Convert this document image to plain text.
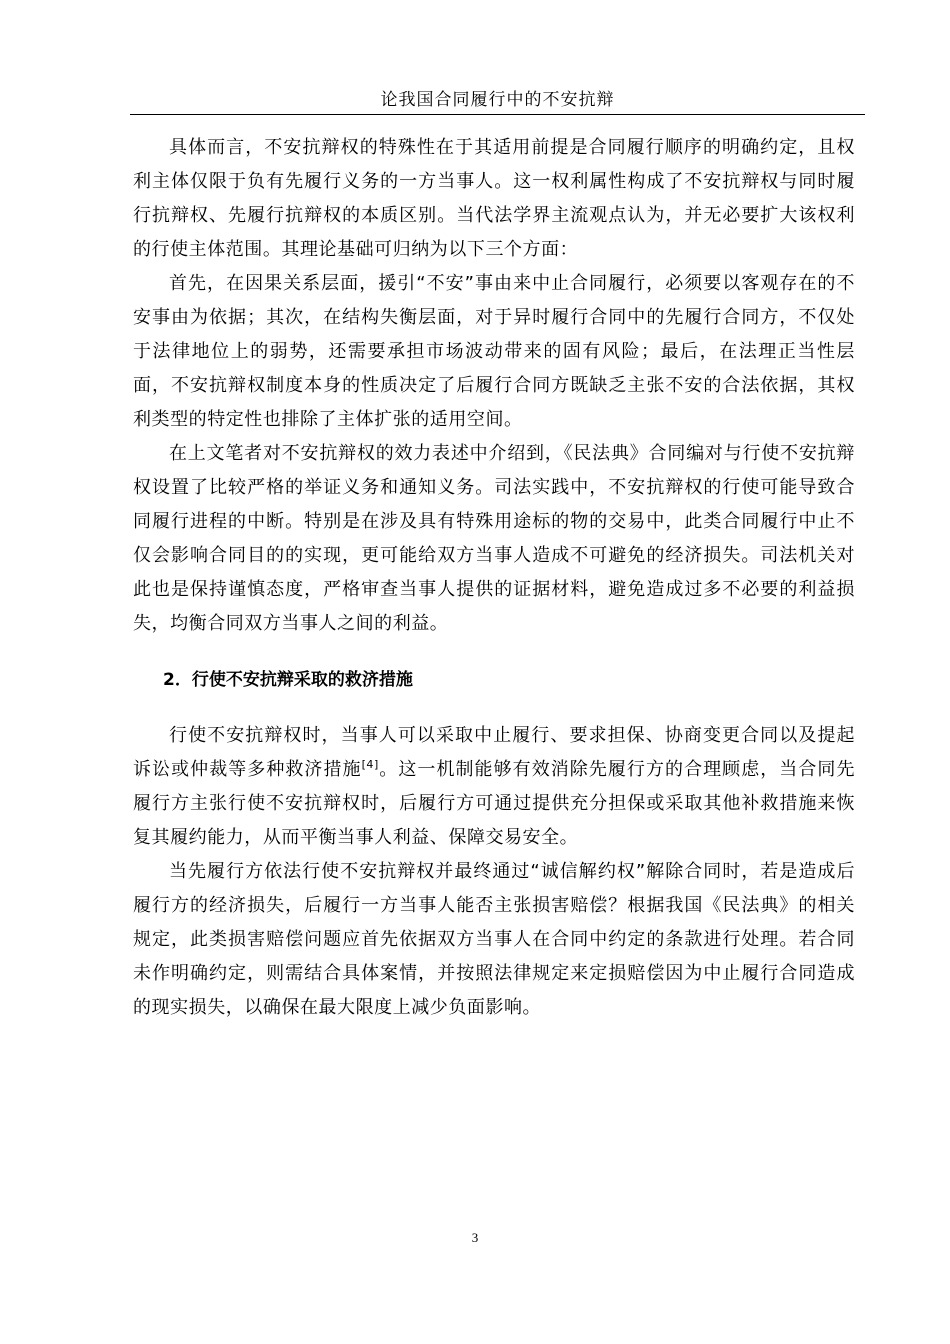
论我国合同履行中的不安抗辩

具体而言，不安抗辩权的特殊性在于其适用前提是合同履行顺序的明确约定，且权利主体仅限于负有先履行义务的一方当事人。这一权利属性构成了不安抗辩权与同时履行抗辩权、先履行抗辩权的本质区别。当代法学界主流观点认为，并无必要扩大该权利的行使主体范围。其理论基础可归纳为以下三个方面：

首先，在因果关系层面，援引“不安”事由来中止合同履行，必须要以客观存在的不安事由为依据；其次，在结构失衡层面，对于异时履行合同中的先履行合同方，不仅处于法律地位上的弱势，还需要承担市场波动带来的固有风险；最后，在法理正当性层面，不安抗辩权制度本身的性质决定了后履行合同方既缺乏主张不安的合法依据，其权利类型的特定性也排除了主体扩张的适用空间。

在上文笔者对不安抗辩权的效力表述中介绍到，《民法典》合同编对与行使不安抗辩权设置了比较严格的举证义务和通知义务。司法实践中，不安抗辩权的行使可能导致合同履行进程的中断。特别是在涉及具有特殊用途标的物的交易中，此类合同履行中止不仅会影响合同目的的实现，更可能给双方当事人造成不可避免的经济损失。司法机关对此也是保持谨慎态度，严格审查当事人提供的证据材料，避免造成过多不必要的利益损失，均衡合同双方当事人之间的利益。

2．行使不安抗辩采取的救济措施

行使不安抗辩权时，当事人可以采取中止履行、要求担保、协商变更合同以及提起诉讼或仲裁等多种救济措施[4]。这一机制能够有效消除先履行方的合理顾虑，当合同先履行方主张行使不安抗辩权时，后履行方可通过提供充分担保或采取其他补救措施来恢复其履约能力，从而平衡当事人利益、保障交易安全。

当先履行方依法行使不安抗辩权并最终通过“诚信解约权”解除合同时，若是造成后履行方的经济损失，后履行一方当事人能否主张损害赔偿？根据我国《民法典》的相关规定，此类损害赔偿问题应首先依据双方当事人在合同中约定的条款进行处理。若合同未作明确约定，则需结合具体案情，并按照法律规定来定损赔偿因为中止履行合同造成的现实损失，以确保在最大限度上减少负面影响。

3
